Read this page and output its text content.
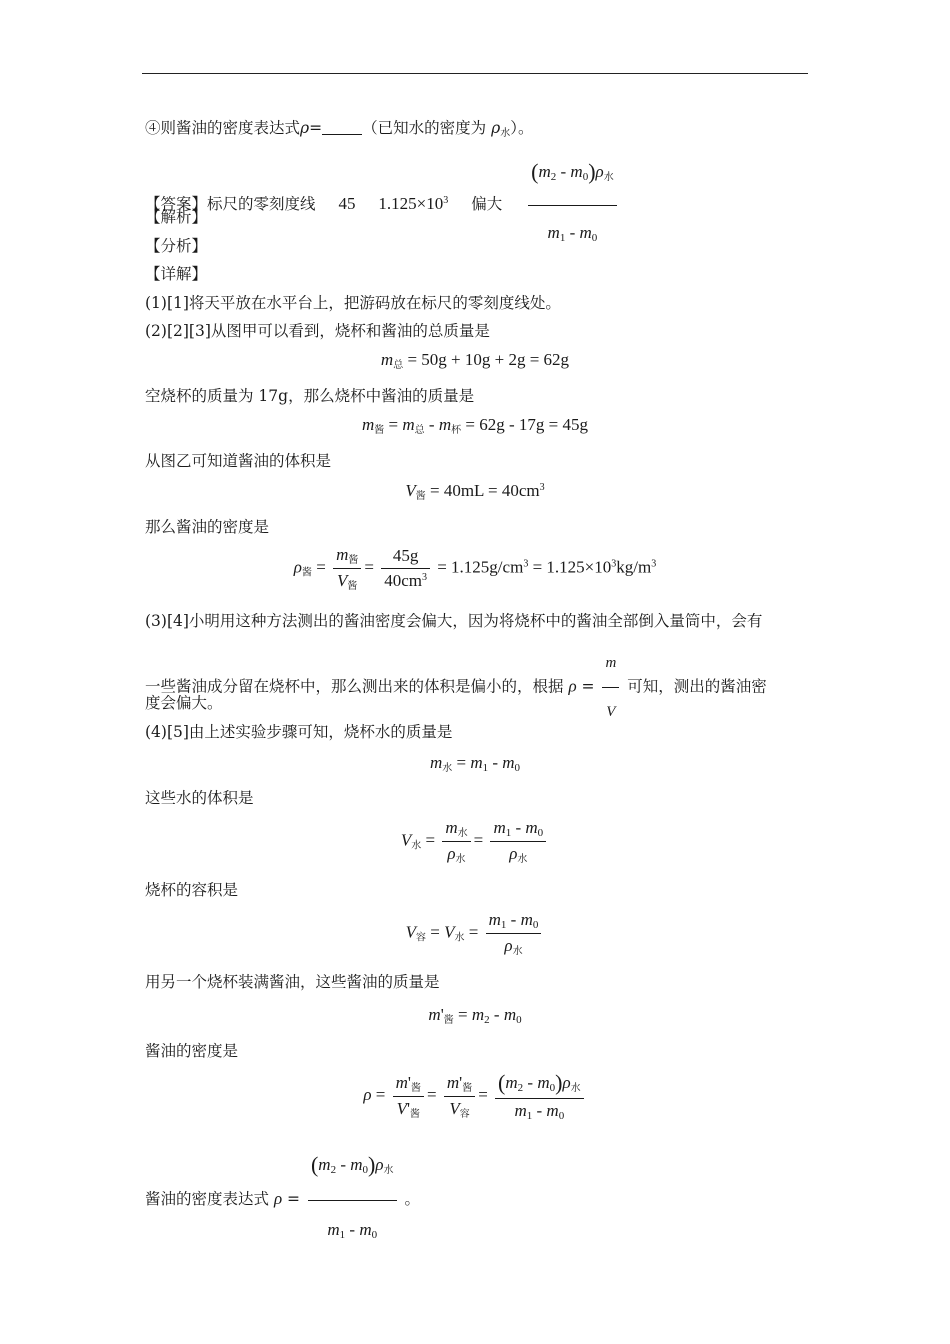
④则酱油的密度表达式ρ=	（已知水的密度为 $\rho_水$）。
【答案】标尺的零刻度线 45 $1.125\times 10^3$ 偏大 $\frac{(m_2 - m_0)\rho_水}{m_1 - m_0}$
【解析】
【分析】
【详解】
(1)[1]将天平放在水平台上，把游码放在标尺的零刻度线处。
(2)[2][3]从图甲可以看到，烧杯和酱油的总质量是
$m_总 = 50g + 10g + 2g = 62g$
空烧杯的质量为 17g，那么烧杯中酱油的质量是
$m_酱 = m_总 - m_杯 = 62g - 17g = 45g$
从图乙可知道酱油的体积是
$V_酱 = 40mL = 40cm^3$
那么酱油的密度是
$\rho_酱 = \frac{m_酱}{V_酱} = \frac{45g}{40cm^3} = 1.125g/cm^3 = 1.125\times 10^3kg/m^3$
(3)[4]小明用这种方法测出的酱油密度会偏大，因为将烧杯中的酱油全部倒入量筒中，会有
一些酱油成分留在烧杯中，那么测出来的体积是偏小的，根据 $\rho = \frac{m}{V}$ 可知，测出的酱油密
度会偏大。
(4)[5]由上述实验步骤可知，烧杯水的质量是
$m_水 = m_1 - m_0$
这些水的体积是
$V_水 = \frac{m_水}{\rho_水} = \frac{m_1 - m_0}{\rho_水}$
烧杯的容积是
$V_容 = V_水 = \frac{m_1 - m_0}{\rho_水}$
用另一个烧杯装满酱油，这些酱油的质量是
$m'_酱 = m_2 - m_0$
酱油的密度是
$\rho = \frac{m'_酱}{V'_酱} = \frac{m'_酱}{V_容} = \frac{(m_2 - m_0)\rho_水}{m_1 - m_0}$
酱油的密度表达式 $\rho = \frac{(m_2 - m_0)\rho_水}{m_1 - m_0}$ 。
